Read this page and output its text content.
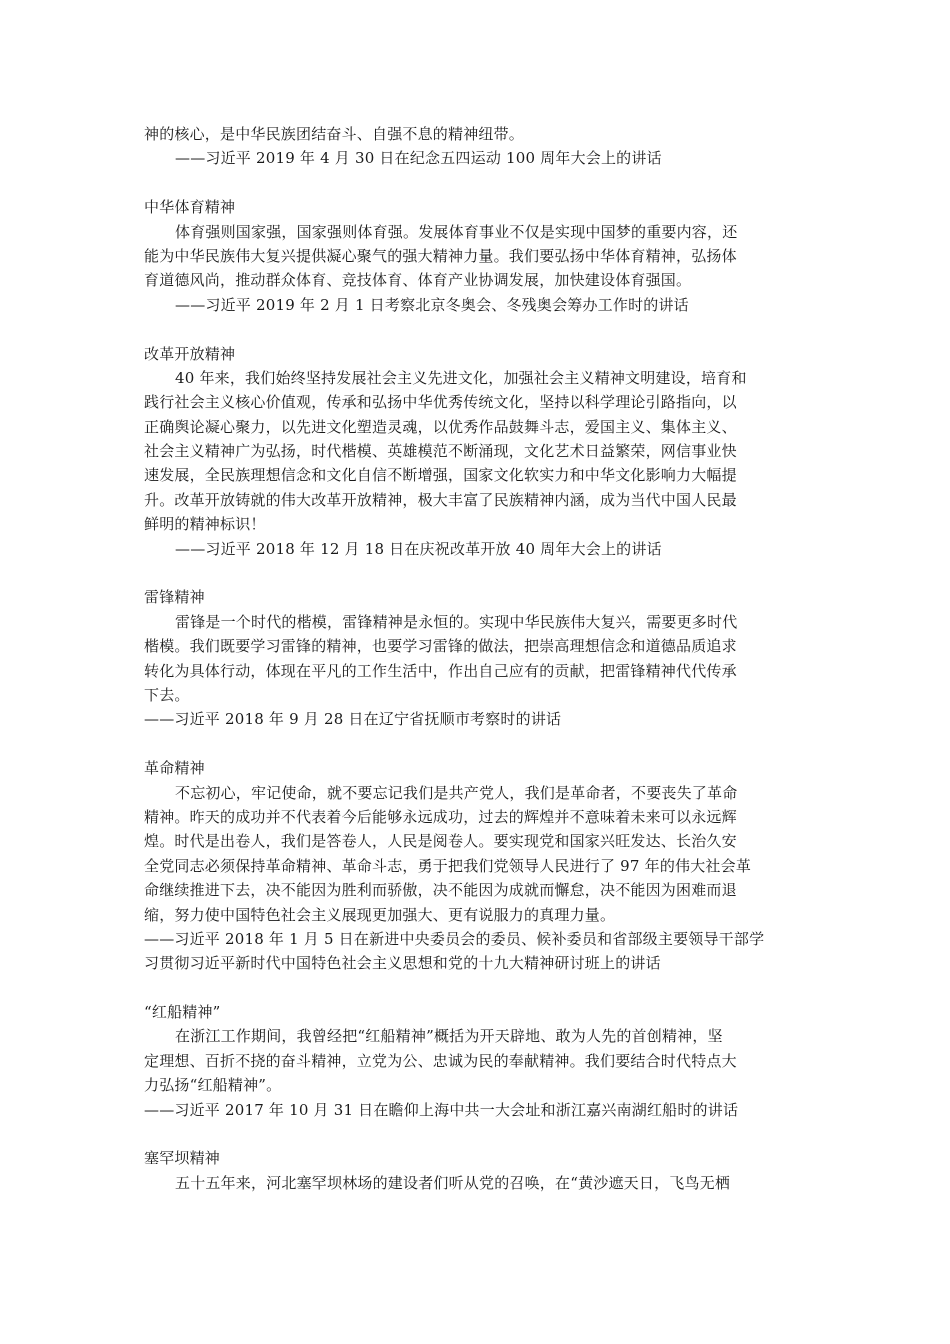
神的核心，是中华民族团结奋斗、自强不息的精神纽带。
——习近平 2019 年 4 月 30 日在纪念五四运动 100 周年大会上的讲话
中华体育精神
体育强则国家强，国家强则体育强。发展体育事业不仅是实现中国梦的重要内容，还
能为中华民族伟大复兴提供凝心聚气的强大精神力量。我们要弘扬中华体育精神，弘扬体
育道德风尚，推动群众体育、竞技体育、体育产业协调发展，加快建设体育强国。
——习近平 2019 年 2 月 1 日考察北京冬奥会、冬残奥会筹办工作时的讲话
改革开放精神
40 年来，我们始终坚持发展社会主义先进文化，加强社会主义精神文明建设，培育和
践行社会主义核心价值观，传承和弘扬中华优秀传统文化，坚持以科学理论引路指向，以
正确舆论凝心聚力，以先进文化塑造灵魂，以优秀作品鼓舞斗志，爱国主义、集体主义、
社会主义精神广为弘扬，时代楷模、英雄模范不断涌现，文化艺术日益繁荣，网信事业快
速发展，全民族理想信念和文化自信不断增强，国家文化软实力和中华文化影响力大幅提
升。改革开放铸就的伟大改革开放精神，极大丰富了民族精神内涵，成为当代中国人民最
鲜明的精神标识！
——习近平 2018 年 12 月 18 日在庆祝改革开放 40 周年大会上的讲话
雷锋精神
雷锋是一个时代的楷模，雷锋精神是永恒的。实现中华民族伟大复兴，需要更多时代
楷模。我们既要学习雷锋的精神，也要学习雷锋的做法，把崇高理想信念和道德品质追求
转化为具体行动，体现在平凡的工作生活中，作出自己应有的贡献，把雷锋精神代代传承
下去。
——习近平 2018 年 9 月 28 日在辽宁省抚顺市考察时的讲话
革命精神
不忘初心，牢记使命，就不要忘记我们是共产党人，我们是革命者，不要丧失了革命
精神。昨天的成功并不代表着今后能够永远成功，过去的辉煌并不意味着未来可以永远辉
煌。时代是出卷人，我们是答卷人，人民是阅卷人。要实现党和国家兴旺发达、长治久安
全党同志必须保持革命精神、革命斗志，勇于把我们党领导人民进行了 97 年的伟大社会革
命继续推进下去，决不能因为胜利而骄傲，决不能因为成就而懈怠，决不能因为困难而退
缩，努力使中国特色社会主义展现更加强大、更有说服力的真理力量。
——习近平 2018 年 1 月 5 日在新进中央委员会的委员、候补委员和省部级主要领导干部学
习贯彻习近平新时代中国特色社会主义思想和党的十九大精神研讨班上的讲话
“红船精神”
在浙江工作期间，我曾经把“红船精神”概括为开天辟地、敢为人先的首创精神，坚
定理想、百折不挠的奋斗精神，立党为公、忠诚为民的奉献精神。我们要结合时代特点大
力弘扬“红船精神”。
——习近平 2017 年 10 月 31 日在瞻仰上海中共一大会址和浙江嘉兴南湖红船时的讲话
塞罕坝精神
五十五年来，河北塞罕坝林场的建设者们听从党的召唤，在“黄沙遮天日，飞鸟无栖
